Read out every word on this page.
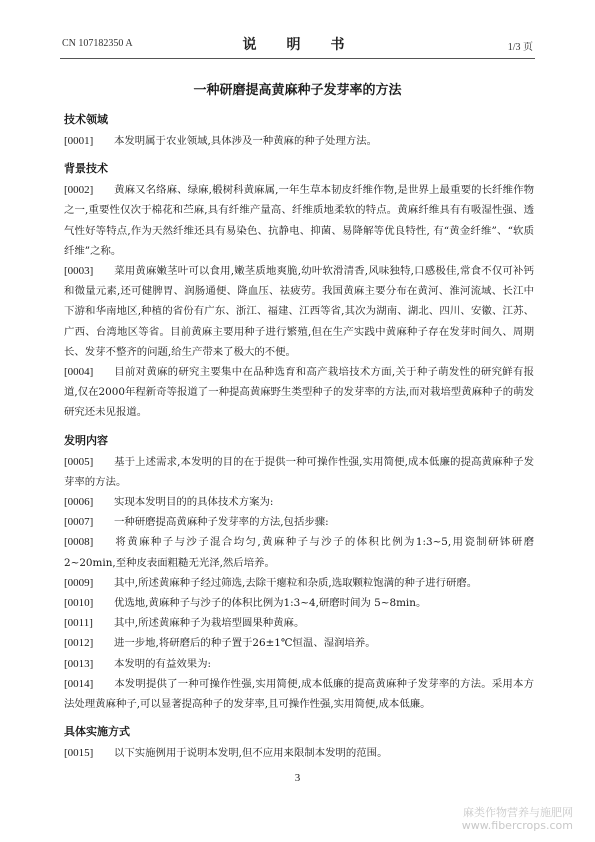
CN 107182350 A	说　明　书	1/3 页
一种研磨提高黄麻种子发芽率的方法
技术领域

[0001] 本发明属于农业领域,具体涉及一种黄麻的种子处理方法。

背景技术

[0002] 黄麻又名络麻、绿麻,椴树科黄麻属,一年生草本韧皮纤维作物,是世界上最重要的长纤维作物之一,重要性仅次于棉花和苎麻,具有纤维产量高、纤维质地柔软的特点。黄麻纤维具有有吸湿性强、透气性好等特点,作为天然纤维还具有易染色、抗静电、抑菌、易降解等优良特性, 有“黄金纤维”、“软质纤维”之称。

[0003] 菜用黄麻嫩茎叶可以食用,嫩茎质地爽脆,幼叶软滑清香,风味独特,口感极佳,常食不仅可补钙和微量元素,还可健脾胃、润肠通便、降血压、祛疲劳。我国黄麻主要分布在黄河、淮河流域、长江中下游和华南地区,种植的省份有广东、浙江、福建、江西等省,其次为湖南、湖北、四川、安徽、江苏、广西、台湾地区等省。目前黄麻主要用种子进行繁殖,但在生产实践中黄麻种子存在发芽时间久、周期长、发芽不整齐的问题,给生产带来了极大的不便。

[0004] 目前对黄麻的研究主要集中在品种选育和高产栽培技术方面,关于种子萌发性的研究鲜有报道,仅在2000年程新奇等报道了一种提高黄麻野生类型种子的发芽率的方法,而对栽培型黄麻种子的萌发研究还未见报道。

发明内容

[0005] 基于上述需求,本发明的目的在于提供一种可操作性强,实用简便,成本低廉的提高黄麻种子发芽率的方法。

[0006] 实现本发明目的的具体技术方案为:

[0007] 一种研磨提高黄麻种子发芽率的方法,包括步骤:

[0008] 将黄麻种子与沙子混合均匀,黄麻种子与沙子的体积比例为1:3~5,用瓷制研钵研磨2~20min,至种皮表面粗糙无光泽,然后培养。

[0009] 其中,所述黄麻种子经过筛选,去除干瘪粒和杂质,选取颗粒饱满的种子进行研磨。

[0010] 优选地,黄麻种子与沙子的体积比例为1:3~4,研磨时间为 5~8min。

[0011] 其中,所述黄麻种子为栽培型圆果种黄麻。

[0012] 进一步地,将研磨后的种子置于26±1℃恒温、湿润培养。

[0013] 本发明的有益效果为:

[0014] 本发明提供了一种可操作性强,实用简便,成本低廉的提高黄麻种子发芽率的方法。采用本方法处理黄麻种子,可以显著提高种子的发芽率,且可操作性强,实用简便,成本低廉。

具体实施方式

[0015] 以下实施例用于说明本发明,但不应用来限制本发明的范围。

3
麻类作物营养与施肥网
www.fibercrops.com
